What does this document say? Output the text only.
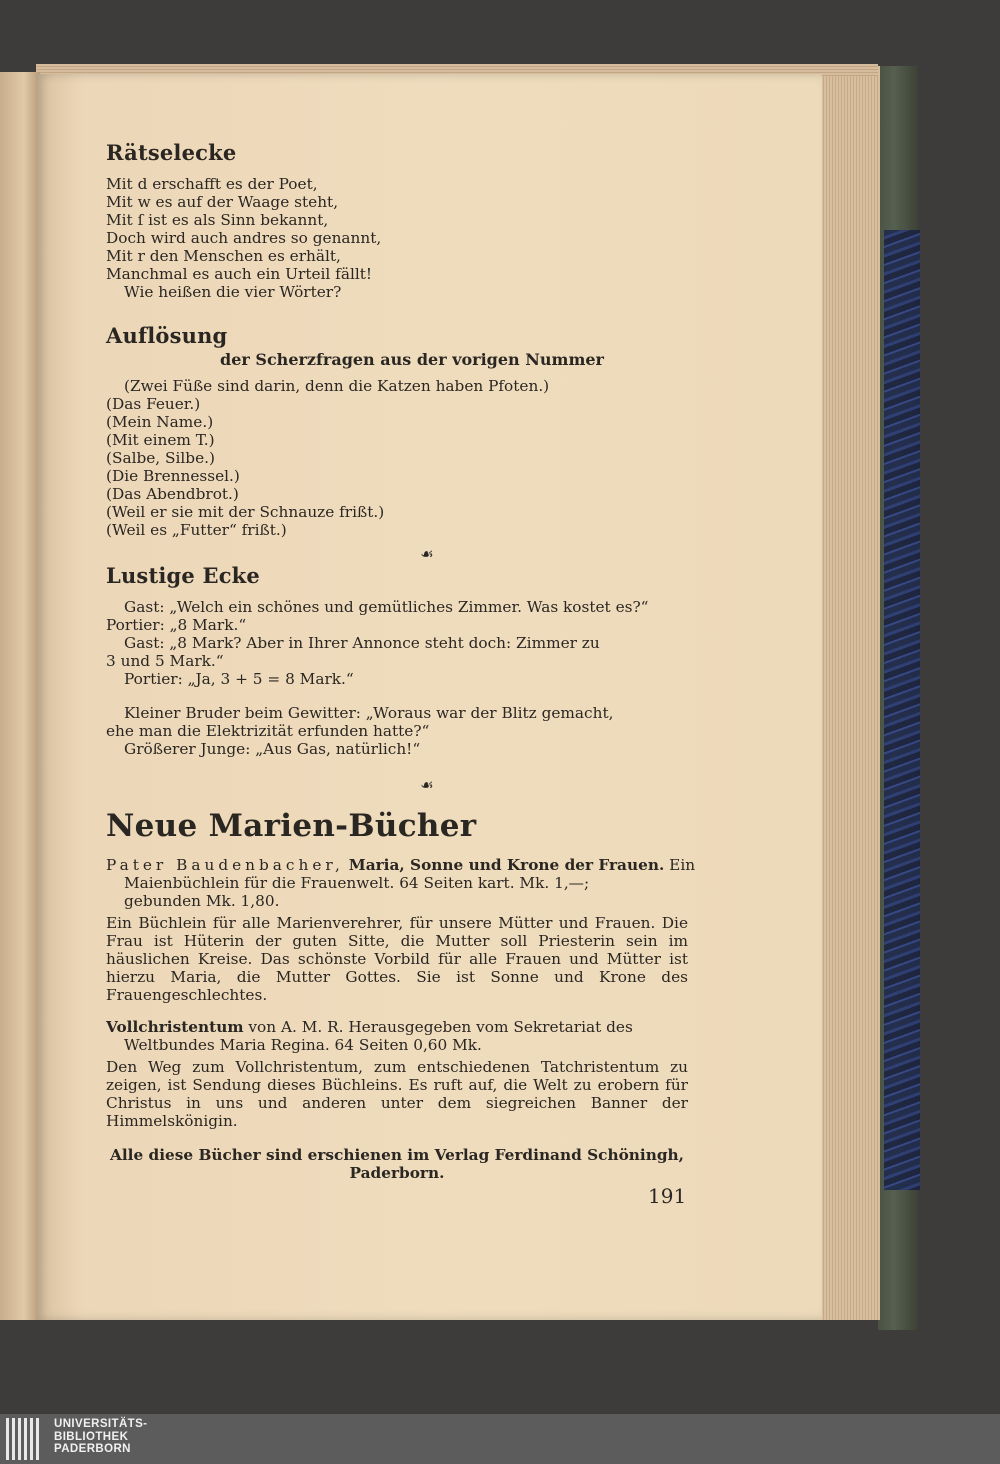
Rätselecke
Mit d erschafft es der Poet,
Mit w es auf der Waage steht,
Mit ſ ist es als Sinn bekannt,
Doch wird auch andres so genannt,
Mit r den Menschen es erhält,
Manchmal es auch ein Urteil fällt!
Wie heißen die vier Wörter?
Auflösung
der Scherzfragen aus der vorigen Nummer
(Zwei Füße sind darin, denn die Katzen haben Pfoten.)
(Das Feuer.)
(Mein Name.)
(Mit einem T.)
(Salbe, Silbe.)
(Die Brennessel.)
(Das Abendbrot.)
(Weil er sie mit der Schnauze frißt.)
(Weil es „Futter“ frißt.)
☙
Lustige Ecke
Gast: „Welch ein schönes und gemütliches Zimmer. Was kostet es?“
Portier: „8 Mark.“
Gast: „8 Mark? Aber in Ihrer Annonce steht doch: Zimmer zu
3 und 5 Mark.“
Portier: „Ja, 3 + 5 = 8 Mark.“
Kleiner Bruder beim Gewitter: „Woraus war der Blitz gemacht,
ehe man die Elektrizität erfunden hatte?“
Größerer Junge: „Aus Gas, natürlich!“
☙
Neue Marien-Bücher
Pater Baudenbacher, Maria, Sonne und Krone der Frauen. Ein
Maienbüchlein für die Frauenwelt. 64 Seiten kart. Mk. 1,—;
gebunden Mk. 1,80.
Ein Büchlein für alle Marienverehrer, für unsere Mütter und Frauen. Die Frau ist Hüterin der guten Sitte, die Mutter soll Priesterin sein im häuslichen Kreise. Das schönste Vorbild für alle Frauen und Mütter ist hierzu Maria, die Mutter Gottes. Sie ist Sonne und Krone des Frauengeschlechtes.
Vollchristentum von A. M. R. Herausgegeben vom Sekretariat des
Weltbundes Maria Regina. 64 Seiten 0,60 Mk.
Den Weg zum Vollchristentum, zum entschiedenen Tatchristentum zu zeigen, ist Sendung dieses Büchleins. Es ruft auf, die Welt zu erobern für Christus in uns und anderen unter dem siegreichen Banner der Himmelskönigin.
Alle diese Bücher sind erschienen im Verlag Ferdinand Schöningh,
Paderborn.
191
UNIVERSITÄTS-
BIBLIOTHEK
PADERBORN
